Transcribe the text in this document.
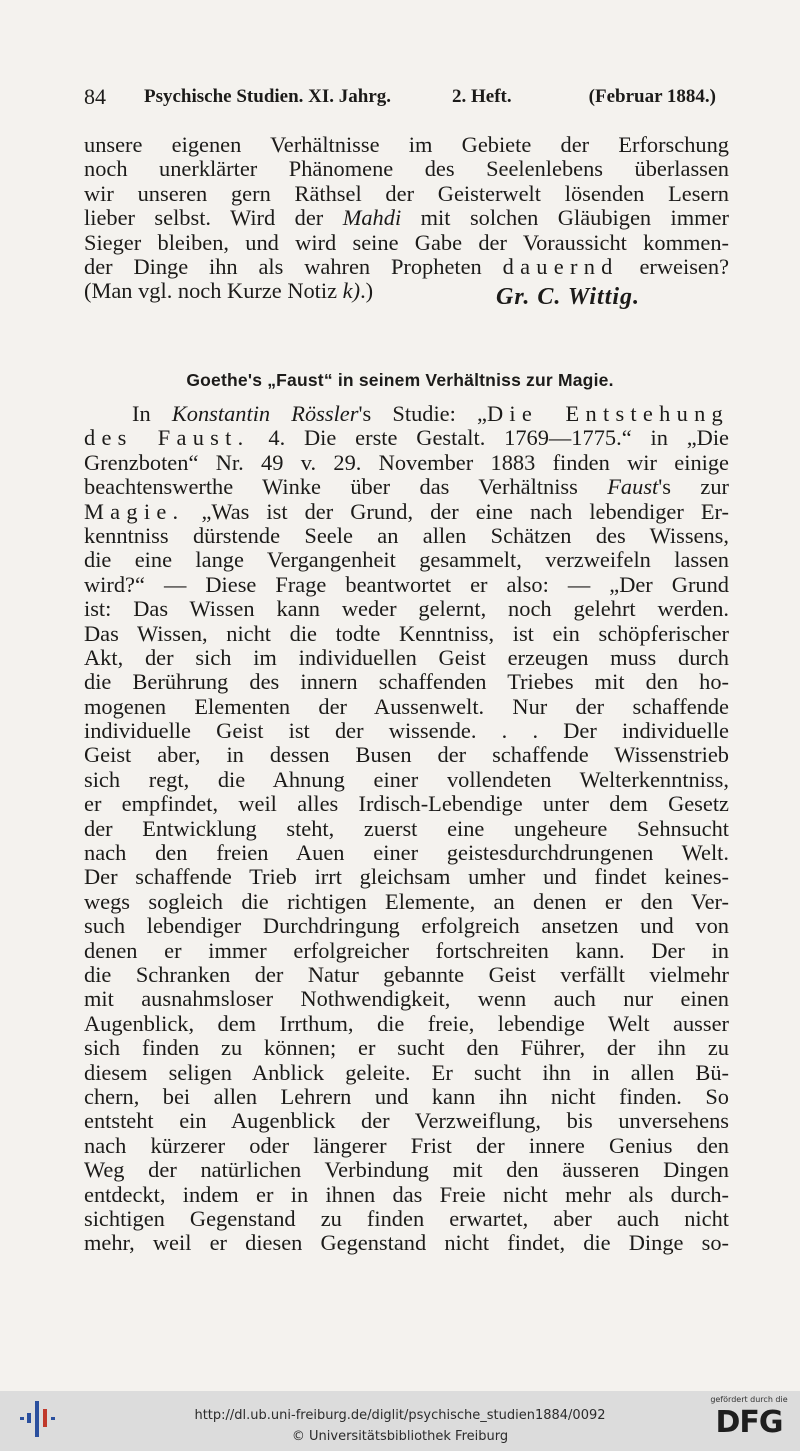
84 Psychische Studien. XI. Jahrg.	2. Heft.	(Februar 1884.)
unsere eigenen Verhältnisse im Gebiete der Erforschung
noch unerklärter Phänomene des Seelenlebens überlassen
wir unseren gern Räthsel der Geisterwelt lösenden Lesern
lieber selbst. Wird der Mahdi mit solchen Gläubigen immer
Sieger bleiben, und wird seine Gabe der Voraussicht kommen-
der Dinge ihn als wahren Propheten dauernd erweisen?
(Man vgl. noch Kurze Notiz k).)	Gr. C. Wittig.
Goethe's „Faust“ in seinem Verhältniss zur Magie.
In Konstantin Rössler's Studie: „Die Entstehung
des Faust. 4. Die erste Gestalt. 1769—1775.“ in „Die
Grenzboten“ Nr. 49 v. 29. November 1883 finden wir einige
beachtenswerthe Winke über das Verhältniss Faust's zur
Magie. „Was ist der Grund, der eine nach lebendiger Er-
kenntniss dürstende Seele an allen Schätzen des Wissens,
die eine lange Vergangenheit gesammelt, verzweifeln lassen
wird?“ — Diese Frage beantwortet er also: — „Der Grund
ist: Das Wissen kann weder gelernt, noch gelehrt werden.
Das Wissen, nicht die todte Kenntniss, ist ein schöpferischer
Akt, der sich im individuellen Geist erzeugen muss durch
die Berührung des innern schaffenden Triebes mit den ho-
mogenen Elementen der Aussenwelt. Nur der schaffende
individuelle Geist ist der wissende. . . Der individuelle
Geist aber, in dessen Busen der schaffende Wissenstrieb
sich regt, die Ahnung einer vollendeten Welterkenntniss,
er empfindet, weil alles Irdisch-Lebendige unter dem Gesetz
der Entwicklung steht, zuerst eine ungeheure Sehnsucht
nach den freien Auen einer geistesdurchdrungenen Welt.
Der schaffende Trieb irrt gleichsam umher und findet keines-
wegs sogleich die richtigen Elemente, an denen er den Ver-
such lebendiger Durchdringung erfolgreich ansetzen und von
denen er immer erfolgreicher fortschreiten kann. Der in
die Schranken der Natur gebannte Geist verfällt vielmehr
mit ausnahmsloser Nothwendigkeit, wenn auch nur einen
Augenblick, dem Irrthum, die freie, lebendige Welt ausser
sich finden zu können; er sucht den Führer, der ihn zu
diesem seligen Anblick geleite. Er sucht ihn in allen Bü-
chern, bei allen Lehrern und kann ihn nicht finden. So
entsteht ein Augenblick der Verzweiflung, bis unversehens
nach kürzerer oder längerer Frist der innere Genius den
Weg der natürlichen Verbindung mit den äusseren Dingen
entdeckt, indem er in ihnen das Freie nicht mehr als durch-
sichtigen Gegenstand zu finden erwartet, aber auch nicht
mehr, weil er diesen Gegenstand nicht findet, die Dinge so-
http://dl.ub.uni-freiburg.de/diglit/psychische_studien1884/0092
© Universitätsbibliothek Freiburg
gefördert durch die
DFG
